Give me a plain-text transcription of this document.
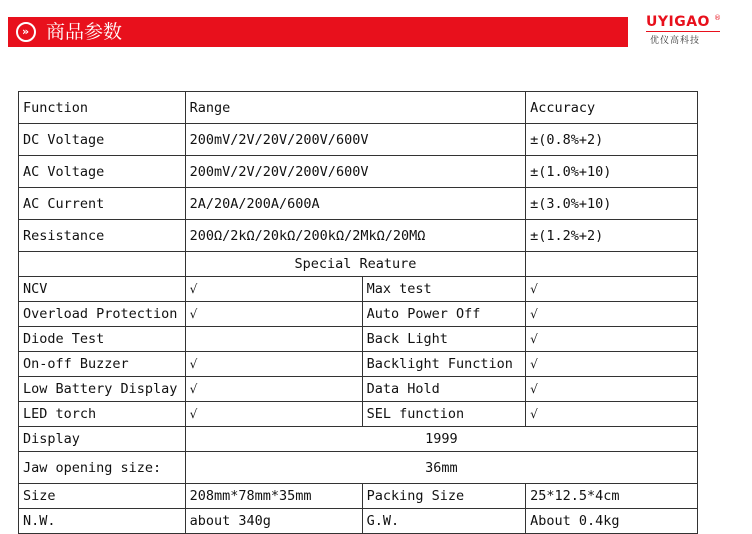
» 商品参数	UYIGAO ®
优仪高科技
Function	Range		Accuracy
DC Voltage	200mV/2V/20V/200V/600V		±(0.8%+2)
AC Voltage	200mV/2V/20V/200V/600V		±(1.0%+10)
AC Current	2A/20A/200A/600A		±(3.0%+10)
Resistance	200Ω/2kΩ/20kΩ/200kΩ/2MkΩ/20MΩ		±(1.2%+2)
	Special Reature		
NCV	√	Max test	√
Overload Protection	√	Auto Power Off	√
Diode Test		Back Light	√
On-off Buzzer	√	Backlight Function	√
Low Battery Display	√	Data Hold	√
LED torch	√	SEL function	√
Display	1999		
Jaw opening size:	36mm		
Size	208mm*78mm*35mm	Packing Size	25*12.5*4cm
N.W.	about 340g	G.W.	About 0.4kg
